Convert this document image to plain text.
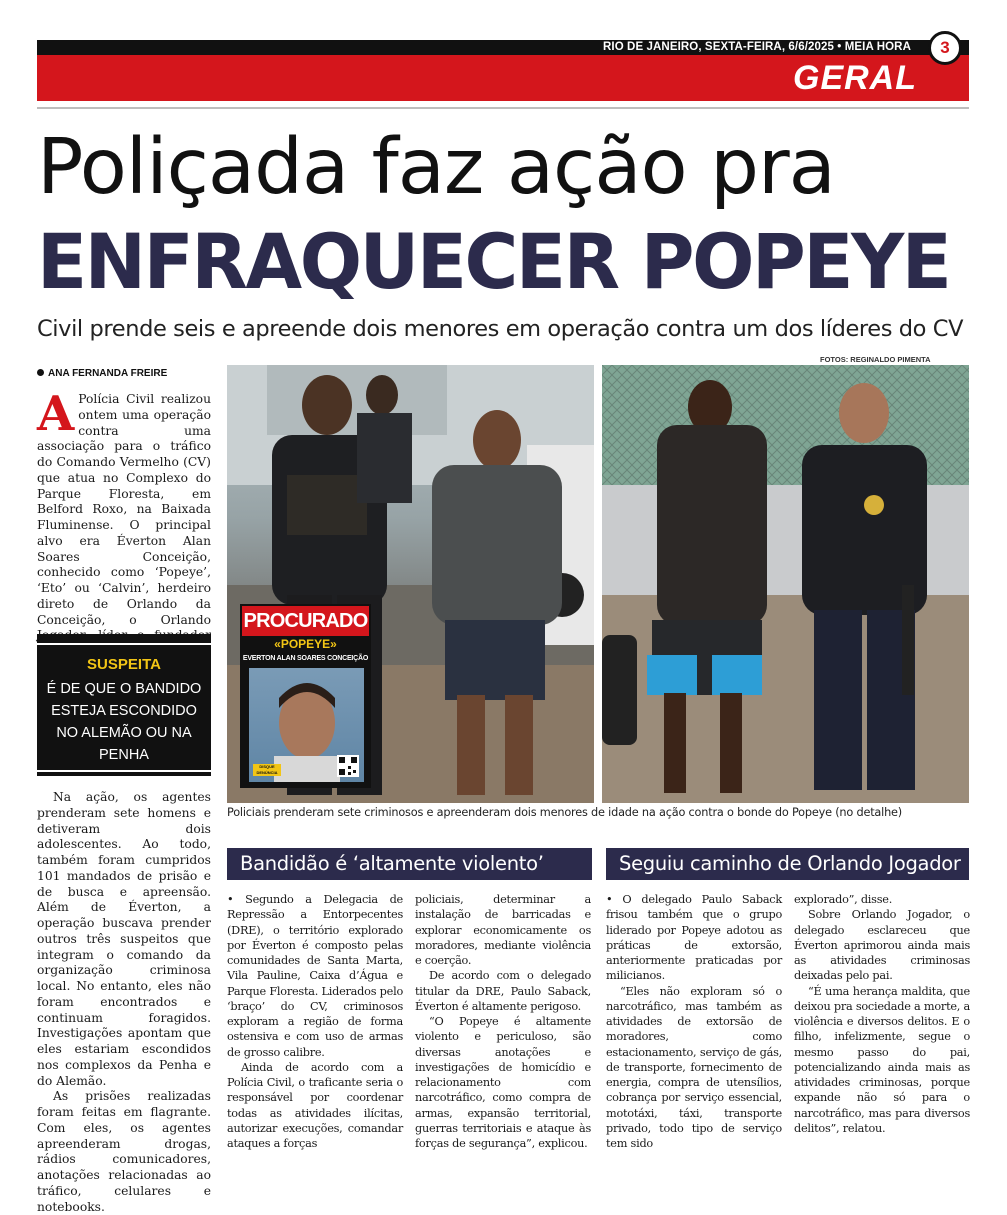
RIO DE JANEIRO, SEXTA-FEIRA, 6/6/2025 • MEIA HORA	3
GERAL
Poliçada faz ação pra
ENFRAQUECER POPEYE
Civil prende seis e apreende dois menores em operação contra um dos líderes do CV
FOTOS: REGINALDO PIMENTA
ANA FERNANDA FREIRE
A Polícia Civil realizou ontem uma operação contra uma associação para o tráfico do Comando Vermelho (CV) que atua no Complexo do Parque Floresta, em Belford Roxo, na Baixada Fluminense. O principal alvo era Éverton Alan Soares Conceição, conhecido como ‘Popeye’, ‘Eto’ ou ‘Calvin’, herdeiro direto de Orlando da Conceição, o Orlando
SUSPEITA
É DE QUE O BANDIDO ESTEJA ESCONDIDO NO ALEMÃO OU NA PENHA

Na ação, os agentes prenderam sete homens e detiveram dois adolescentes. Ao todo, também foram cumpridos 101 mandados de prisão e de busca e apreensão. Além de Éverton, a operação buscava prender outros três suspeitos que integram o comando da organização criminosa local. No entanto, eles não foram encontrados e continuam foragidos. Investigações apontam que eles estariam escondidos nos complexos da Penha e do Alemão.

As prisões realizadas foram feitas em flagrante. Com eles, os agentes apreenderam drogas, rádios comunicadores, anotações relacionadas ao tráfico, celulares e notebooks.

PROCURADO
«POPEYE»
EVERTON ALAN SOARES CONCEIÇÃO
DISQUE DENÚNCIA
Policiais prenderam sete criminosos e apreenderam dois menores de idade na ação contra o bonde do Popeye (no detalhe)
Bandidão é ‘altamente violento’

• Segundo a Delegacia de Repressão a Entorpecentes (DRE), o território explorado por Éverton é composto pelas comunidades de Santa Marta, Vila Pauline, Caixa d’Água e Parque Floresta. Liderados pelo ‘braço’ do CV, criminosos exploram a região de forma ostensiva e com uso de armas de grosso calibre.

Ainda de acordo com a Polícia Civil, o traficante seria o responsável por coordenar todas as atividades ilícitas, autorizar execuções, comandar ataques a forças

policiais, determinar a instalação de barricadas e explorar economicamente os moradores, mediante violência e coerção.

De acordo com o delegado titular da DRE, Paulo Saback, Éverton é altamente perigoso.

“O Popeye é altamente violento e periculoso, são diversas anotações e investigações de homicídio e relacionamento com narcotráfico, como compra de armas, expansão territorial, guerras territoriais e ataque às forças de segurança”, explicou.

Seguiu caminho de Orlando Jogador

• O delegado Paulo Saback frisou também que o grupo liderado por Popeye adotou as práticas de extorsão, anteriormente praticadas por milicianos.

“Eles não exploram só o narcotráfico, mas também as atividades de extorsão de moradores, como estacionamento, serviço de gás, de transporte, fornecimento de energia, compra de utensílios, cobrança por serviço essencial, mototáxi, táxi, transporte privado, todo tipo de serviço tem sido

explorado”, disse.

Sobre Orlando Jogador, o delegado esclareceu que Éverton aprimorou ainda mais as atividades criminosas deixadas pelo pai.

“É uma herança maldita, que deixou pra sociedade a morte, a violência e diversos delitos. E o filho, infelizmente, segue o mesmo passo do pai, potencializando ainda mais as atividades criminosas, porque expande não só para o narcotráfico, mas para diversos delitos”, relatou.
